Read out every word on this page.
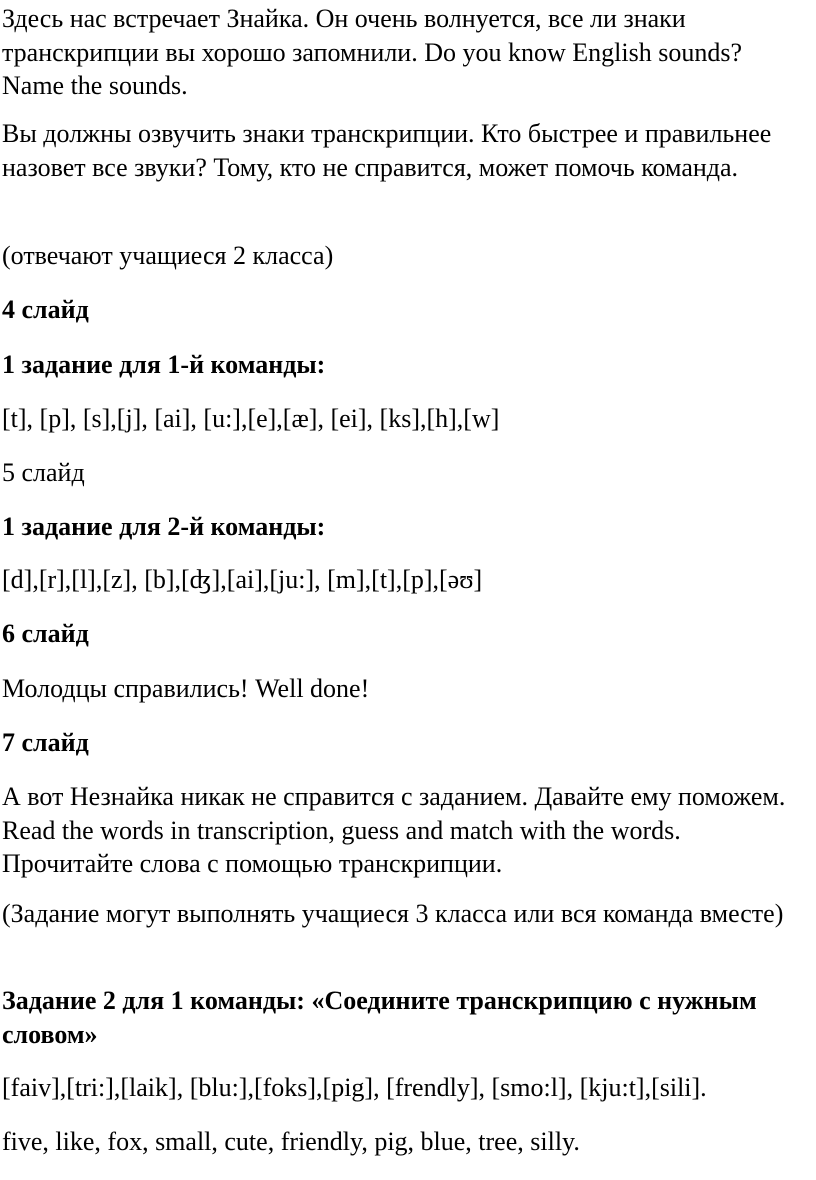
Здесь нас встречает Знайка. Он очень волнуется, все ли знаки транскрипции вы хорошо запомнили. Do you know English sounds? Name the sounds.

Вы должны озвучить знаки транскрипции. Кто быстрее и правильнее назовет все звуки? Тому, кто не справится, может помочь команда.

(отвечают учащиеся 2 класса)

4 слайд

1 задание для 1-й команды:

[t], [p], [s],[j], [ai], [u:],[e],[æ], [ei], [ks],[h],[w]

5 слайд

1 задание для 2-й команды:

[d],[r],[l],[z], [b],[ʤ],[ai],[ju:], [m],[t],[p],[əʊ]

6 слайд

Молодцы справились! Well done!

7 слайд

А вот Незнайка никак не справится с заданием. Давайте ему поможем. Read the words in transcription, guess and match with the words. Прочитайте слова с помощью транскрипции.

(Задание могут выполнять учащиеся 3 класса или вся команда вместе)

Задание 2 для 1 команды: «Соедините транскрипцию с нужным словом»

[faiv],[tri:],[laik], [blu:],[foks],[pig], [frendly], [smo:l], [kju:t],[sili].

five, like, fox, small, cute, friendly, pig, blue, tree, silly.
